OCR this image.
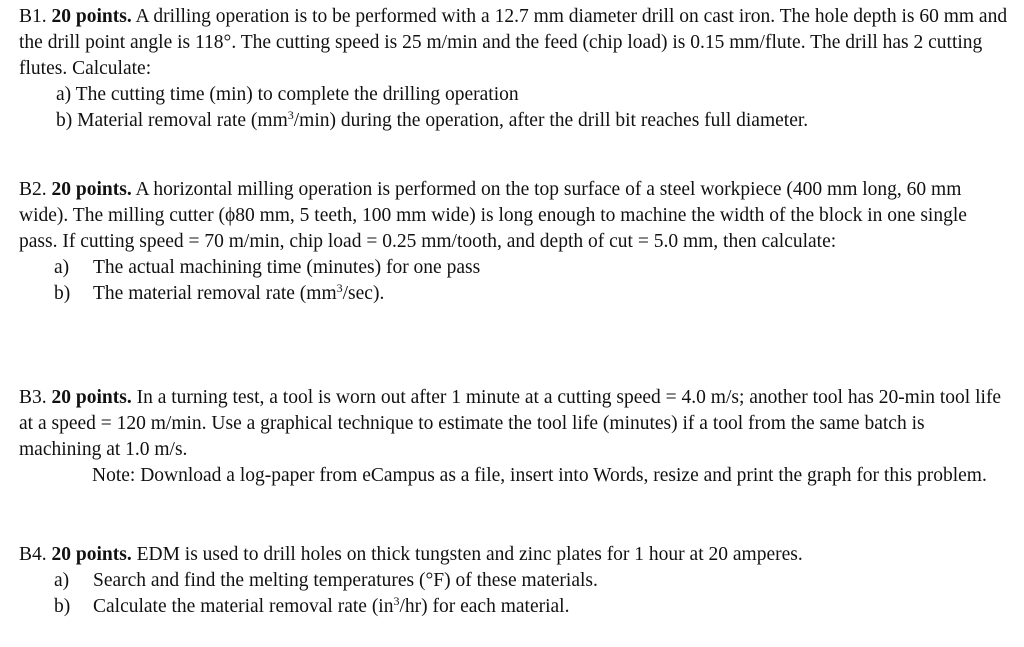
B1. 20 points. A drilling operation is to be performed with a 12.7 mm diameter drill on cast iron. The hole depth is 60 mm and the drill point angle is 118°. The cutting speed is 25 m/min and the feed (chip load) is 0.15 mm/flute. The drill has 2 cutting flutes. Calculate:

a) The cutting time (min) to complete the drilling operation

b) Material removal rate $(mm^3/\min)$ during the operation, after the drill bit reaches full diameter.

B2. 20 points. A horizontal milling operation is performed on the top surface of a steel workpiece (400 mm long, 60 mm wide). The milling cutter (ϕ80 mm, 5 teeth, 100 mm wide) is long enough to machine the width of the block in one single pass. If cutting speed = 70 m/min, chip load = 0.25 mm/tooth, and depth of cut = 5.0 mm, then calculate:

a) The actual machining time (minutes) for one pass

b) The material removal rate $(mm^3/\sec)$.

B3. 20 points. In a turning test, a tool is worn out after 1 minute at a cutting speed = 4.0 m/s; another tool has 20-min tool life at a speed = 120 m/min. Use a graphical technique to estimate the tool life (minutes) if a tool from the same batch is machining at 1.0 m/s.

Note: Download a log-paper from eCampus as a file, insert into Words, resize and print the graph for this problem.

B4. 20 points. EDM is used to drill holes on thick tungsten and zinc plates for 1 hour at 20 amperes.

a) Search and find the melting temperatures (°F) of these materials.

b) Calculate the material removal rate $(in^3/hr)$ for each material.
